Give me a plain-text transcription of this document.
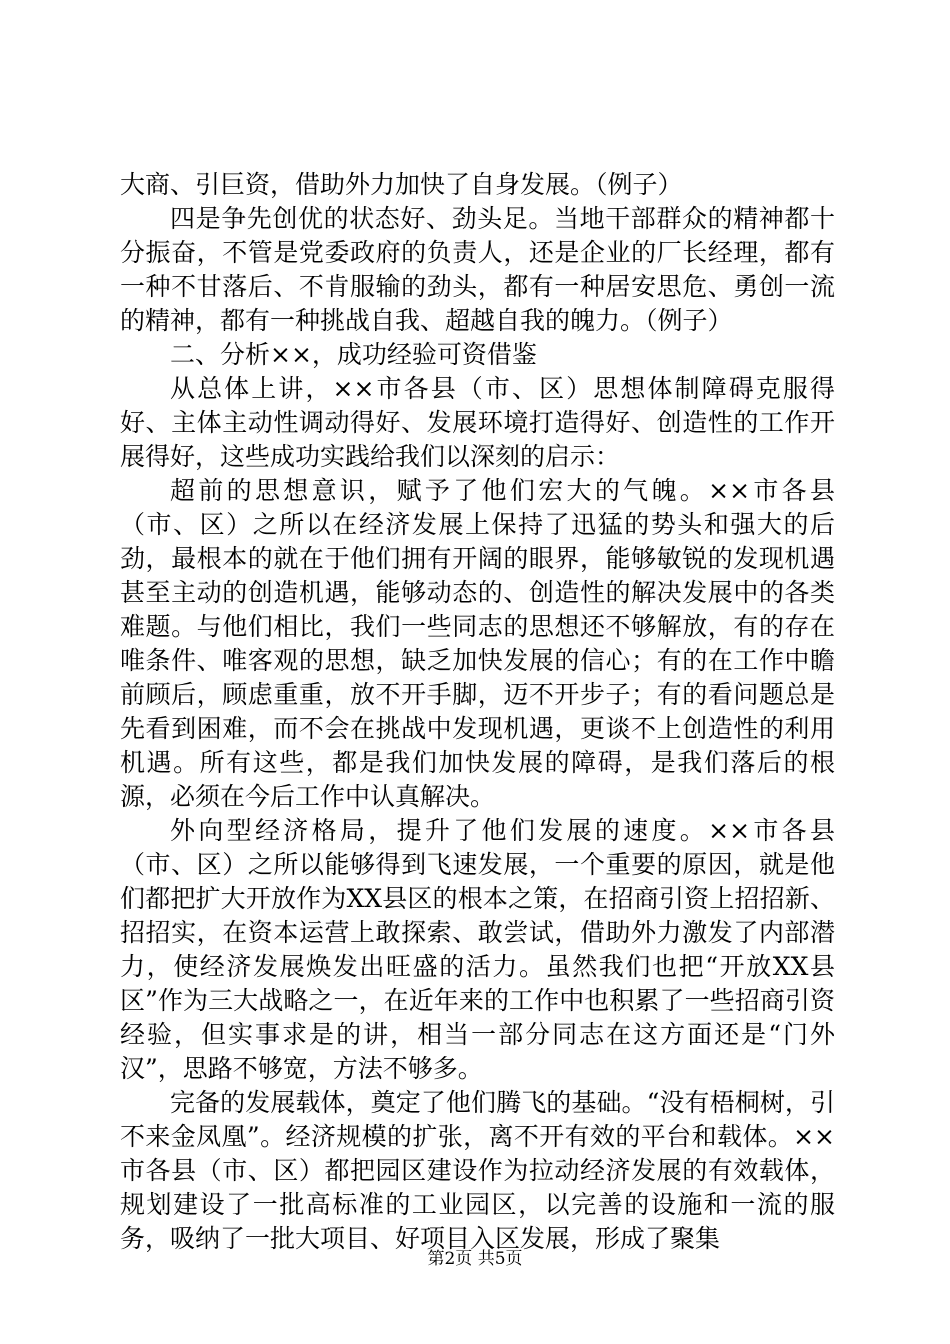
大商、引巨资，借助外力加快了自身发展。（例子）

四是争先创优的状态好、劲头足。当地干部群众的精神都十分振奋，不管是党委政府的负责人，还是企业的厂长经理，都有一种不甘落后、不肯服输的劲头，都有一种居安思危、勇创一流的精神，都有一种挑战自我、超越自我的魄力。（例子）

二、分析××，成功经验可资借鉴

从总体上讲，××市各县（市、区）思想体制障碍克服得好、主体主动性调动得好、发展环境打造得好、创造性的工作开展得好，这些成功实践给我们以深刻的启示：

超前的思想意识，赋予了他们宏大的气魄。××市各县（市、区）之所以在经济发展上保持了迅猛的势头和强大的后劲，最根本的就在于他们拥有开阔的眼界，能够敏锐的发现机遇甚至主动的创造机遇，能够动态的、创造性的解决发展中的各类难题。与他们相比，我们一些同志的思想还不够解放，有的存在唯条件、唯客观的思想，缺乏加快发展的信心；有的在工作中瞻前顾后，顾虑重重，放不开手脚，迈不开步子；有的看问题总是先看到困难，而不会在挑战中发现机遇，更谈不上创造性的利用机遇。所有这些，都是我们加快发展的障碍，是我们落后的根源，必须在今后工作中认真解决。

外向型经济格局，提升了他们发展的速度。××市各县（市、区）之所以能够得到飞速发展，一个重要的原因，就是他们都把扩大开放作为XX县区的根本之策，在招商引资上招招新、招招实，在资本运营上敢探索、敢尝试，借助外力激发了内部潜力，使经济发展焕发出旺盛的活力。虽然我们也把“开放XX县区”作为三大战略之一，在近年来的工作中也积累了一些招商引资经验，但实事求是的讲，相当一部分同志在这方面还是“门外汉”，思路不够宽，方法不够多。

完备的发展载体，奠定了他们腾飞的基础。“没有梧桐树，引不来金凤凰”。经济规模的扩张，离不开有效的平台和载体。××市各县（市、区）都把园区建设作为拉动经济发展的有效载体，规划建设了一批高标准的工业园区，以完善的设施和一流的服务，吸纳了一批大项目、好项目入区发展，形成了聚集

第2页 共5页
